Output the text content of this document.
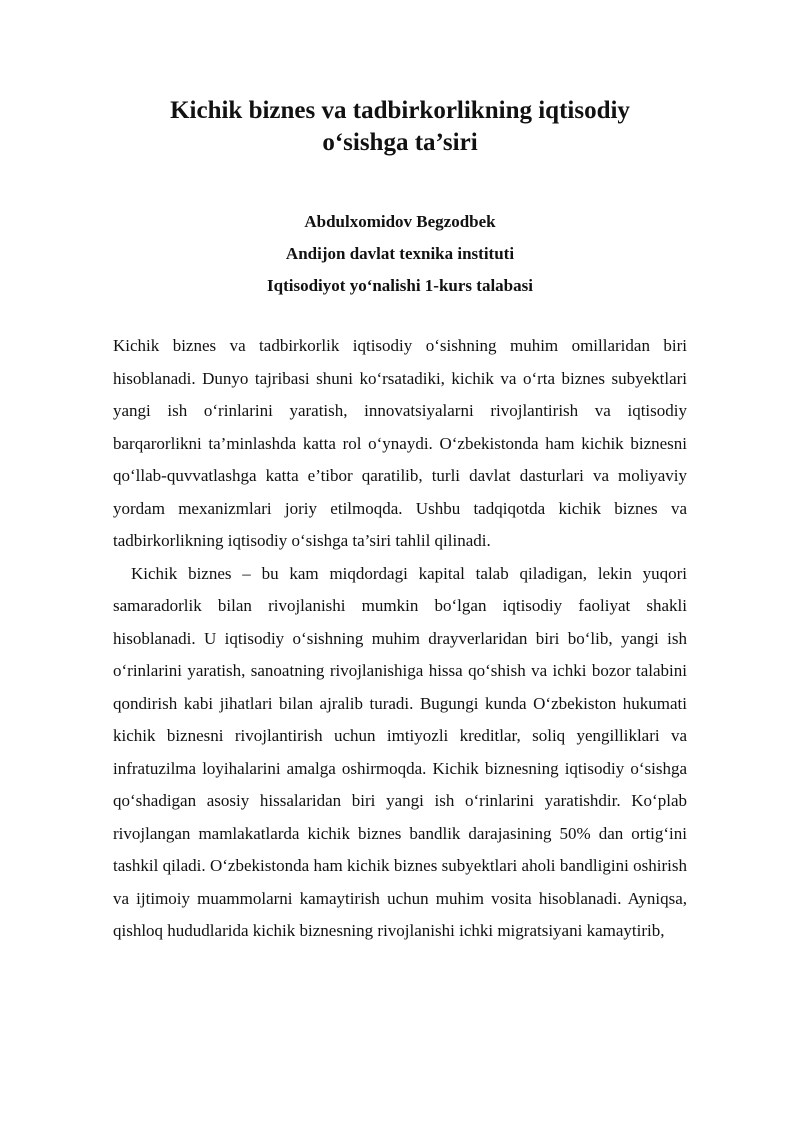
Kichik biznes va tadbirkorlikning iqtisodiy
o‘sishga ta’siri
Abdulxomidov Begzodbek
Andijon davlat texnika instituti
Iqtisodiyot yo‘nalishi 1-kurs talabasi

Kichik biznes va tadbirkorlik iqtisodiy o‘sishning muhim omillaridan biri hisoblanadi. Dunyo tajribasi shuni ko‘rsatadiki, kichik va o‘rta biznes subyektlari yangi ish o‘rinlarini yaratish, innovatsiyalarni rivojlantirish va iqtisodiy barqarorlikni ta’minlashda katta rol o‘ynaydi. O‘zbekistonda ham kichik biznesni qo‘llab-quvvatlashga katta e’tibor qaratilib, turli davlat dasturlari va moliyaviy yordam mexanizmlari joriy etilmoqda. Ushbu tadqiqotda kichik biznes va tadbirkorlikning iqtisodiy o‘sishga ta’siri tahlil qilinadi.

Kichik biznes – bu kam miqdordagi kapital talab qiladigan, lekin yuqori samaradorlik bilan rivojlanishi mumkin bo‘lgan iqtisodiy faoliyat shakli hisoblanadi. U iqtisodiy o‘sishning muhim drayverlaridan biri bo‘lib, yangi ish o‘rinlarini yaratish, sanoatning rivojlanishiga hissa qo‘shish va ichki bozor talabini qondirish kabi jihatlari bilan ajralib turadi. Bugungi kunda O‘zbekiston hukumati kichik biznesni rivojlantirish uchun imtiyozli kreditlar, soliq yengilliklari va infratuzilma loyihalarini amalga oshirmoqda. Kichik biznesning iqtisodiy o‘sishga qo‘shadigan asosiy hissalaridan biri yangi ish o‘rinlarini yaratishdir. Ko‘plab rivojlangan mamlakatlarda kichik biznes bandlik darajasining 50% dan ortig‘ini tashkil qiladi. O‘zbekistonda ham kichik biznes subyektlari aholi bandligini oshirish va ijtimoiy muammolarni kamaytirish uchun muhim vosita hisoblanadi. Ayniqsa, qishloq hududlarida kichik biznesning rivojlanishi ichki migratsiyani kamaytirib,
